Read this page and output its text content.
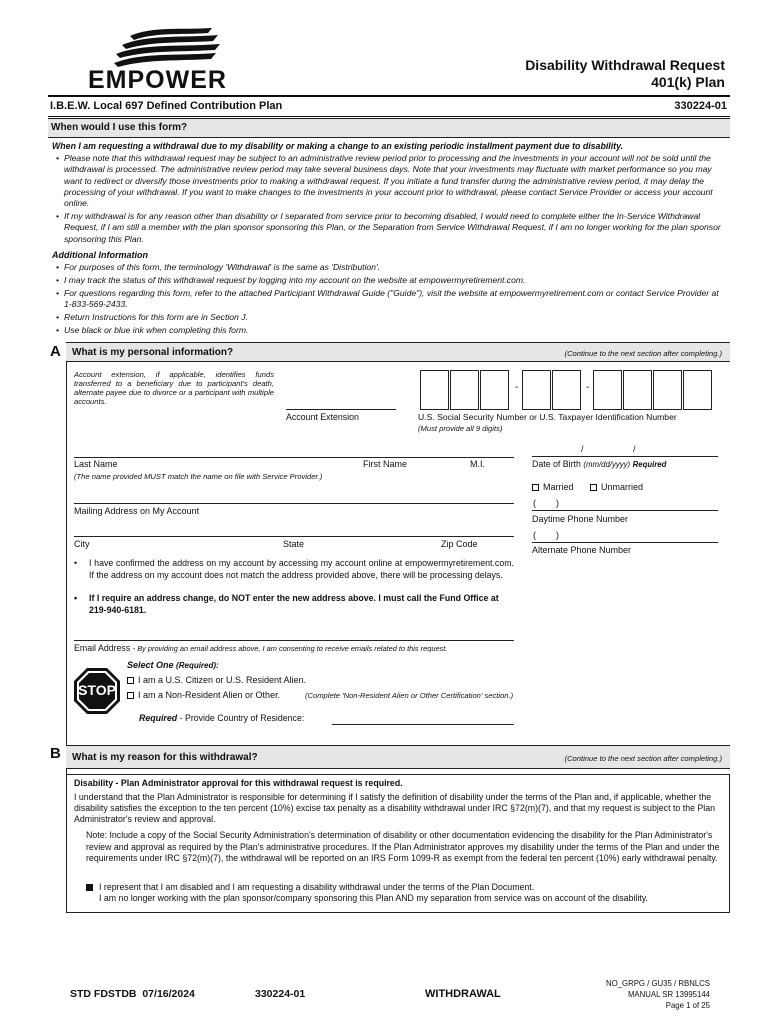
EMPOWER
Disability Withdrawal Request
401(k) Plan
I.B.E.W. Local 697 Defined Contribution Plan	330224-01
When would I use this form?
When I am requesting a withdrawal due to my disability or making a change to an existing periodic installment payment due to disability.
• Please note that this withdrawal request may be subject to an administrative review period prior to processing and the investments in your account will not be sold until the withdrawal is processed. The administrative review period may take several business days. Note that your investments may fluctuate with market performance so you may want to redirect or diversify those investments prior to making a withdrawal request. If you initiate a fund transfer during the administrative review period, it may delay the processing of your withdrawal. If you want to make changes to the investments in your account prior to withdrawal, please contact Service Provider or access your account online.
• If my withdrawal is for any reason other than disability or I separated from service prior to becoming disabled, I would need to complete either the In-Service Withdrawal Request, if I am still a member with the plan sponsor sponsoring this Plan, or the Separation from Service Withdrawal Request, if I am no longer working for the plan sponsor sponsoring this Plan.
Additional Information
• For purposes of this form, the terminology 'Withdrawal' is the same as 'Distribution'.
• I may track the status of this withdrawal request by logging into my account on the website at empowermyretirement.com.
• For questions regarding this form, refer to the attached Participant Withdrawal Guide ("Guide"), visit the website at empowermyretirement.com or contact Service Provider at 1-833-569-2433.
• Return Instructions for this form are in Section J.
• Use black or blue ink when completing this form.
A What is my personal information?	(Continue to the next section after completing.)
Account extension, if applicable, identifies funds transferred to a beneficiary due to participant's death, alternate payee due to divorce or a participant with multiple accounts.
Account Extension
-	-
U.S. Social Security Number or U.S. Taxpayer Identification Number
(Must provide all 9 digits)
Last Name	First Name	M.I.
/	/
Date of Birth (mm/dd/yyyy) Required
(The name provided MUST match the name on file with Service Provider.)
Married	Unmarried
Mailing Address on My Account
(        )
Daytime Phone Number
City	State	Zip Code
(        )
Alternate Phone Number
•	I have confirmed the address on my account by accessing my account online at empowermyretirement.com. If the address on my account does not match the address provided above, there will be processing delays.
•	If I require an address change, do NOT enter the new address above. I must call the Fund Office at 219-940-6181.
Email Address - By providing an email address above, I am consenting to receive emails related to this request.
STOP
Select One (Required):
I am a U.S. Citizen or U.S. Resident Alien.
I am a Non-Resident Alien or Other.	(Complete 'Non-Resident Alien or Other Certification' section.)
Required - Provide Country of Residence:
B What is my reason for this withdrawal?	(Continue to the next section after completing.)
Disability - Plan Administrator approval for this withdrawal request is required.
I understand that the Plan Administrator is responsible for determining if I satisfy the definition of disability under the terms of the Plan and, if applicable, whether the disability satisfies the exception to the ten percent (10%) excise tax penalty as a disability withdrawal under IRC §72(m)(7), and that my request is subject to the Plan Administrator's review and approval.
Note: Include a copy of the Social Security Administration's determination of disability or other documentation evidencing the disability for the Plan Administrator's review and approval as required by the Plan's administrative procedures. If the Plan Administrator approves my disability under the terms of the Plan and under the requirements under IRC §72(m)(7), the withdrawal will be reported on an IRS Form 1099-R as exempt from the federal ten percent (10%) early withdrawal penalty.
I represent that I am disabled and I am requesting a disability withdrawal under the terms of the Plan Document.
I am no longer working with the plan sponsor/company sponsoring this Plan AND my separation from service was on account of the disability.
STD FDSTDB 07/16/2024	330224-01	WITHDRAWAL
NO_GRPG / GU35 / RBNLCS
MANUAL SR 13995144
Page 1 of 25
